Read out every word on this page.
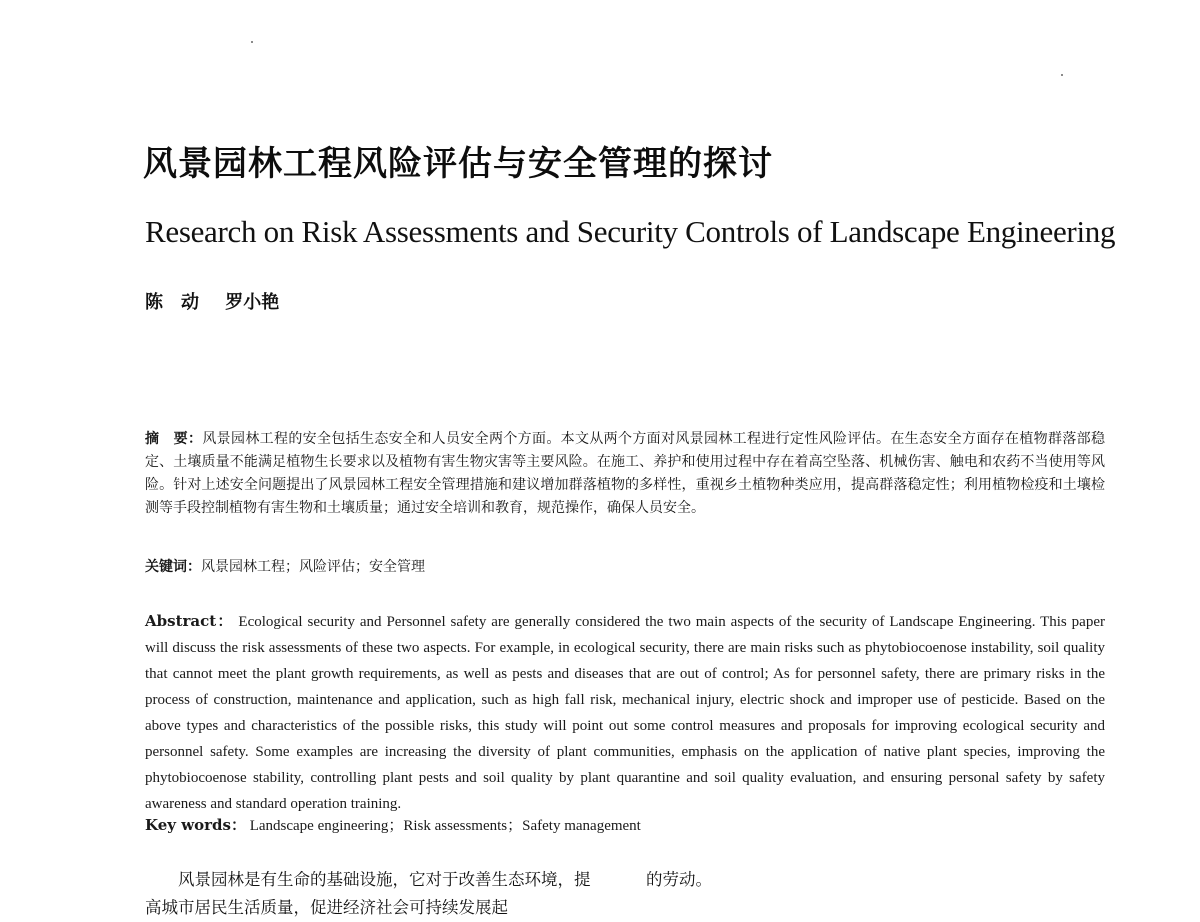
风景园林工程风险评估与安全管理的探讨
Research on Risk Assessments and Security Controls of Landscape Engineering
陈　动 罗小艳

摘　要：风景园林工程的安全包括生态安全和人员安全两个方面。本文从两个方面对风景园林工程进行定性风险评估。在生态安全方面存在植物群落部稳定、土壤质量不能满足植物生长要求以及植物有害生物灾害等主要风险。在施工、养护和使用过程中存在着高空坠落、机械伤害、触电和农药不当使用等风险。针对上述安全问题提出了风景园林工程安全管理措施和建议增加群落植物的多样性，重视乡土植物种类应用，提高群落稳定性；利用植物检疫和土壤检测等手段控制植物有害生物和土壤质量；通过安全培训和教育，规范操作，确保人员安全。

关键词：风景园林工程；风险评估；安全管理

Abstract： Ecological security and Personnel safety are generally considered the two main aspects of the security of Landscape Engineering. This paper will discuss the risk assessments of these two aspects. For example, in ecological security, there are main risks such as phytobiocoenose instability, soil quality that cannot meet the plant growth requirements, as well as pests and diseases that are out of control; As for personnel safety, there are primary risks in the process of construction, maintenance and application, such as high fall risk, mechanical injury, electric shock and improper use of pesticide. Based on the above types and characteristics of the possible risks, this study will point out some control measures and proposals for improving ecological security and personnel safety. Some examples are increasing the diversity of plant communities, emphasis on the application of native plant species, improving the phytobiocoenose stability, controlling plant pests and soil quality by plant quarantine and soil quality evaluation, and ensuring personal safety by safety awareness and standard operation training.

Key words： Landscape engineering；Risk assessments；Safety management

风景园林是有生命的基础设施，它对于改善生态环境，提高城市居民生活质量，促进经济社会可持续发展起

的劳动。
